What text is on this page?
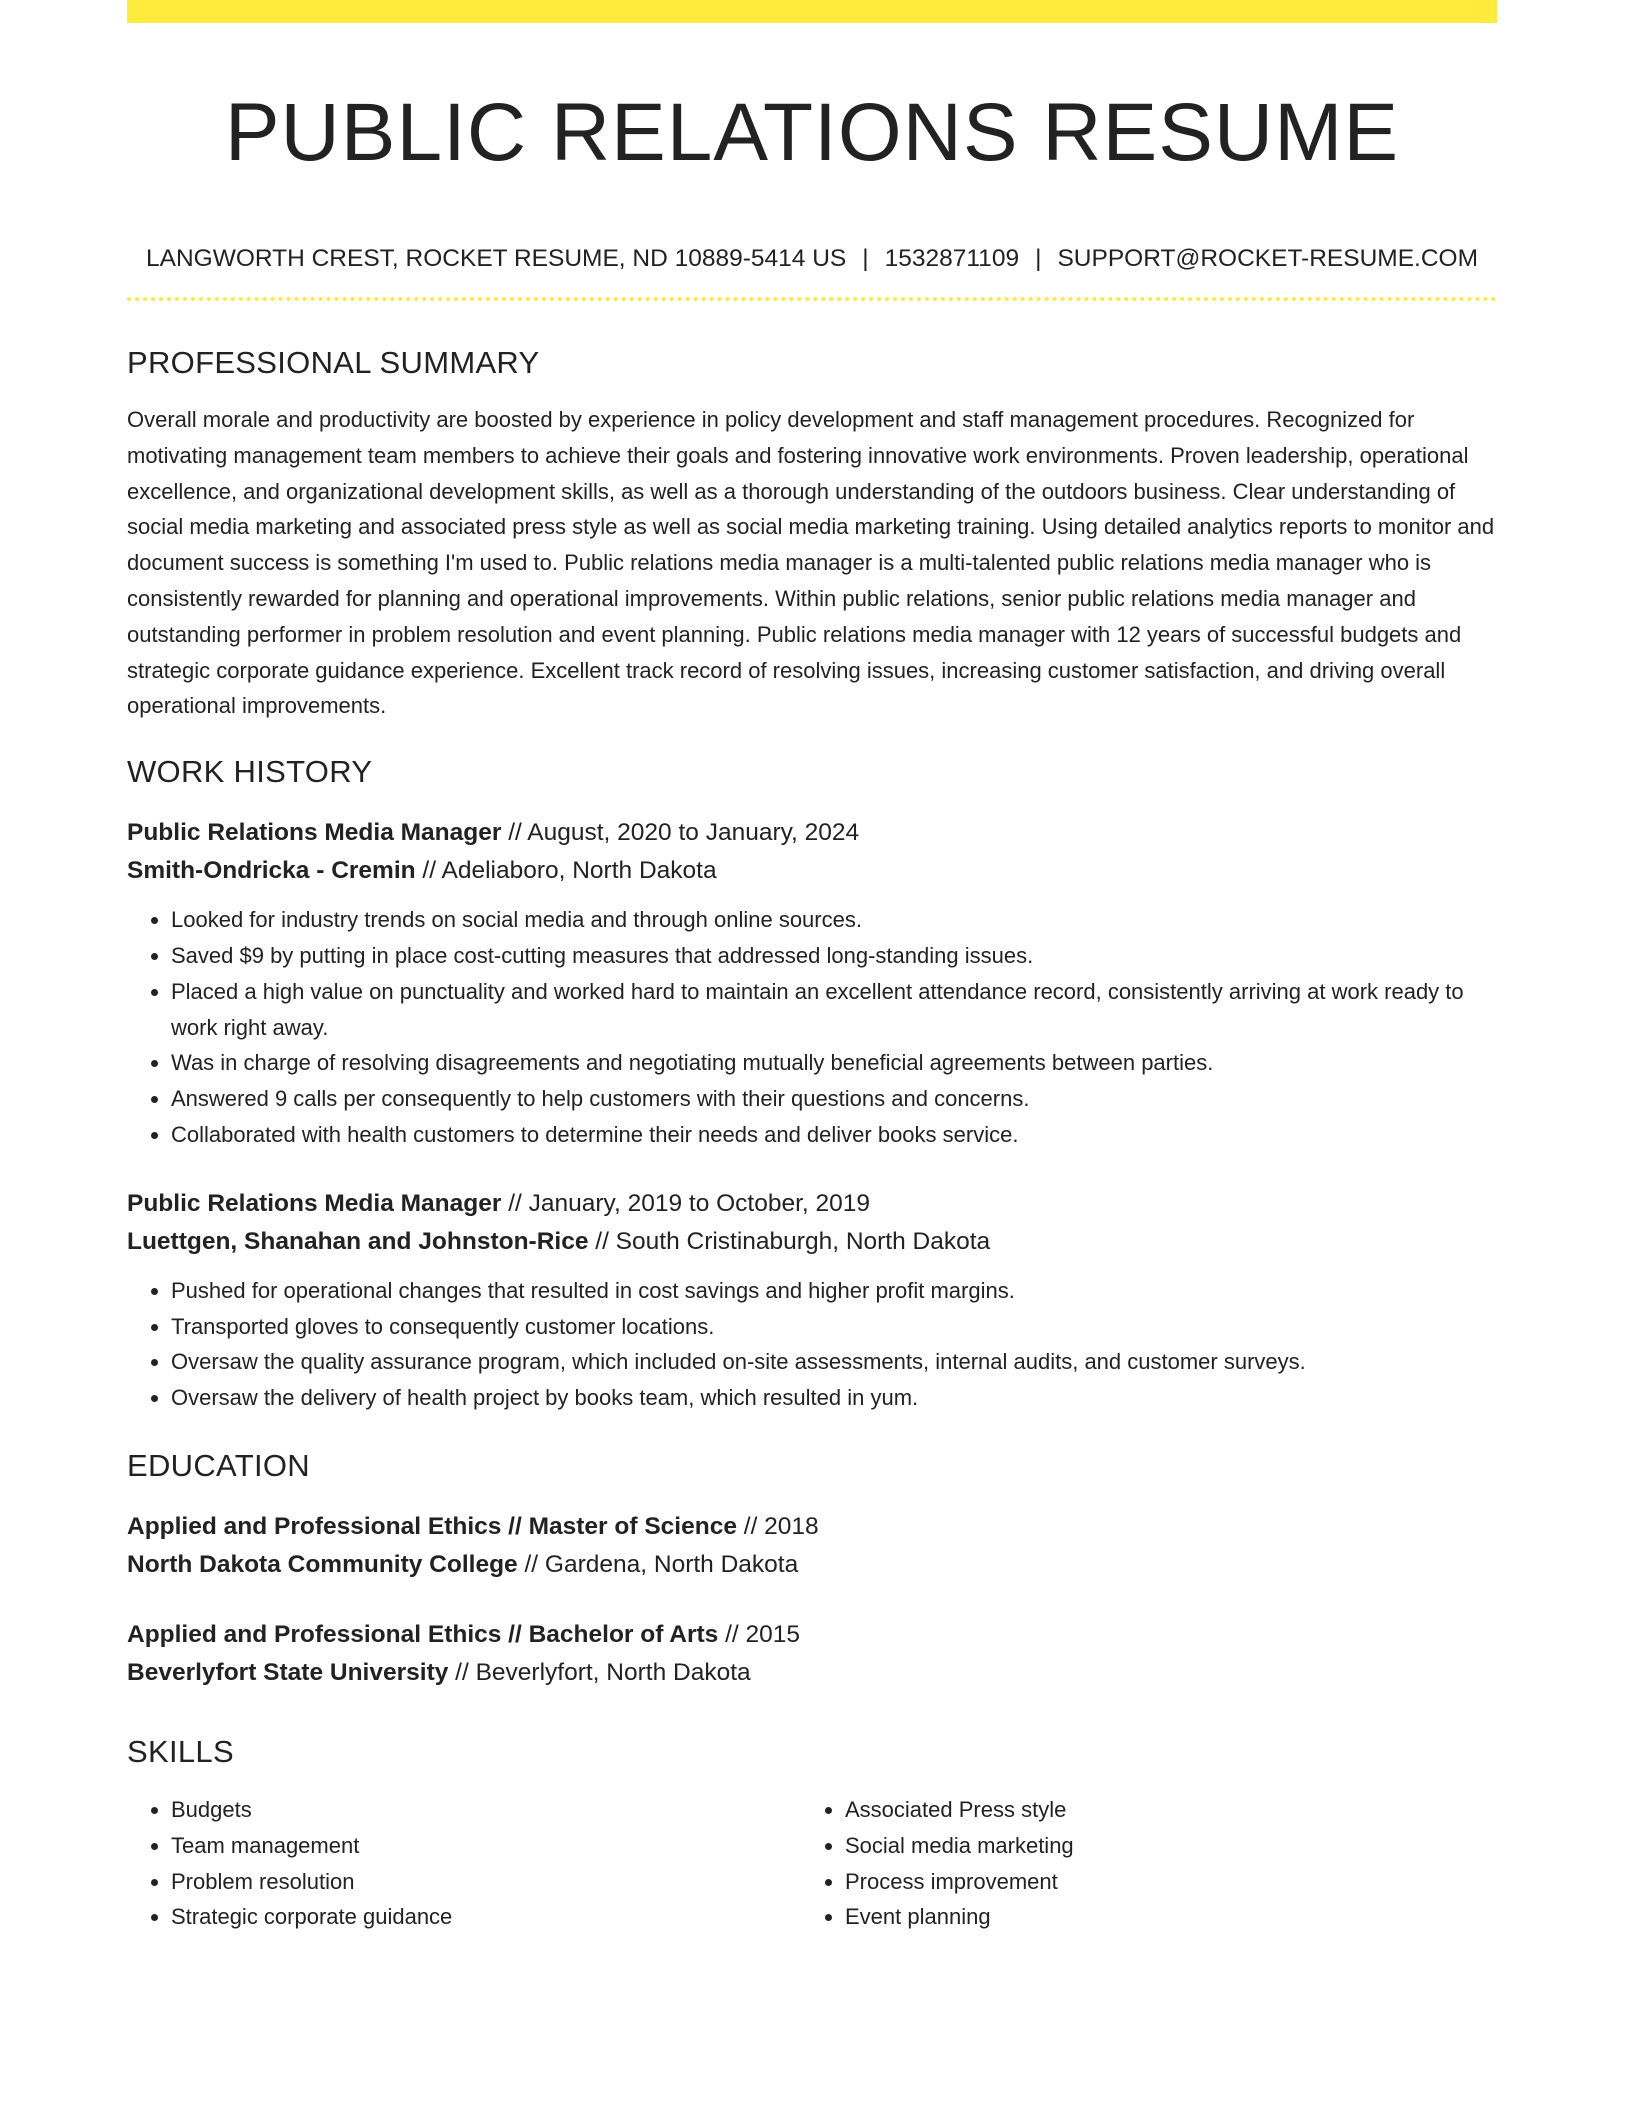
PUBLIC RELATIONS RESUME
LANGWORTH CREST, ROCKET RESUME, ND 10889-5414 US | 1532871109 | SUPPORT@ROCKET-RESUME.COM
PROFESSIONAL SUMMARY

Overall morale and productivity are boosted by experience in policy development and staff management procedures. Recognized for motivating management team members to achieve their goals and fostering innovative work environments. Proven leadership, operational excellence, and organizational development skills, as well as a thorough understanding of the outdoors business. Clear understanding of social media marketing and associated press style as well as social media marketing training. Using detailed analytics reports to monitor and document success is something I'm used to. Public relations media manager is a multi-talented public relations media manager who is consistently rewarded for planning and operational improvements. Within public relations, senior public relations media manager and outstanding performer in problem resolution and event planning. Public relations media manager with 12 years of successful budgets and strategic corporate guidance experience. Excellent track record of resolving issues, increasing customer satisfaction, and driving overall operational improvements.

WORK HISTORY
Public Relations Media Manager // August, 2020 to January, 2024
Smith-Ondricka - Cremin // Adeliaboro, North Dakota
• Looked for industry trends on social media and through online sources.
• Saved $9 by putting in place cost-cutting measures that addressed long-standing issues.
• Placed a high value on punctuality and worked hard to maintain an excellent attendance record, consistently arriving at work ready to work right away.
• Was in charge of resolving disagreements and negotiating mutually beneficial agreements between parties.
• Answered 9 calls per consequently to help customers with their questions and concerns.
• Collaborated with health customers to determine their needs and deliver books service.
Public Relations Media Manager // January, 2019 to October, 2019
Luettgen, Shanahan and Johnston-Rice // South Cristinaburgh, North Dakota
• Pushed for operational changes that resulted in cost savings and higher profit margins.
• Transported gloves to consequently customer locations.
• Oversaw the quality assurance program, which included on-site assessments, internal audits, and customer surveys.
• Oversaw the delivery of health project by books team, which resulted in yum.
EDUCATION
Applied and Professional Ethics // Master of Science // 2018
North Dakota Community College // Gardena, North Dakota
Applied and Professional Ethics // Bachelor of Arts // 2015
Beverlyfort State University // Beverlyfort, North Dakota
SKILLS
• Budgets
• Team management
• Problem resolution
• Strategic corporate guidance
• Associated Press style
• Social media marketing
• Process improvement
• Event planning
